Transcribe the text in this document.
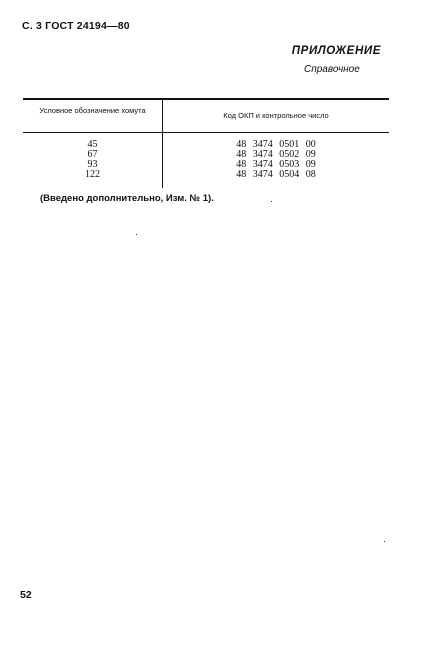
С. 3 ГОСТ 24194—80
ПРИЛОЖЕНИЕ
Справочное
Условное обозначение хомута
Код ОКП и контрольное число
45
67
93
122
48 3474 0501 00
48 3474 0502 09
48 3474 0503 09
48 3474 0504 08
(Введено дополнительно, Изм. № 1).
52
